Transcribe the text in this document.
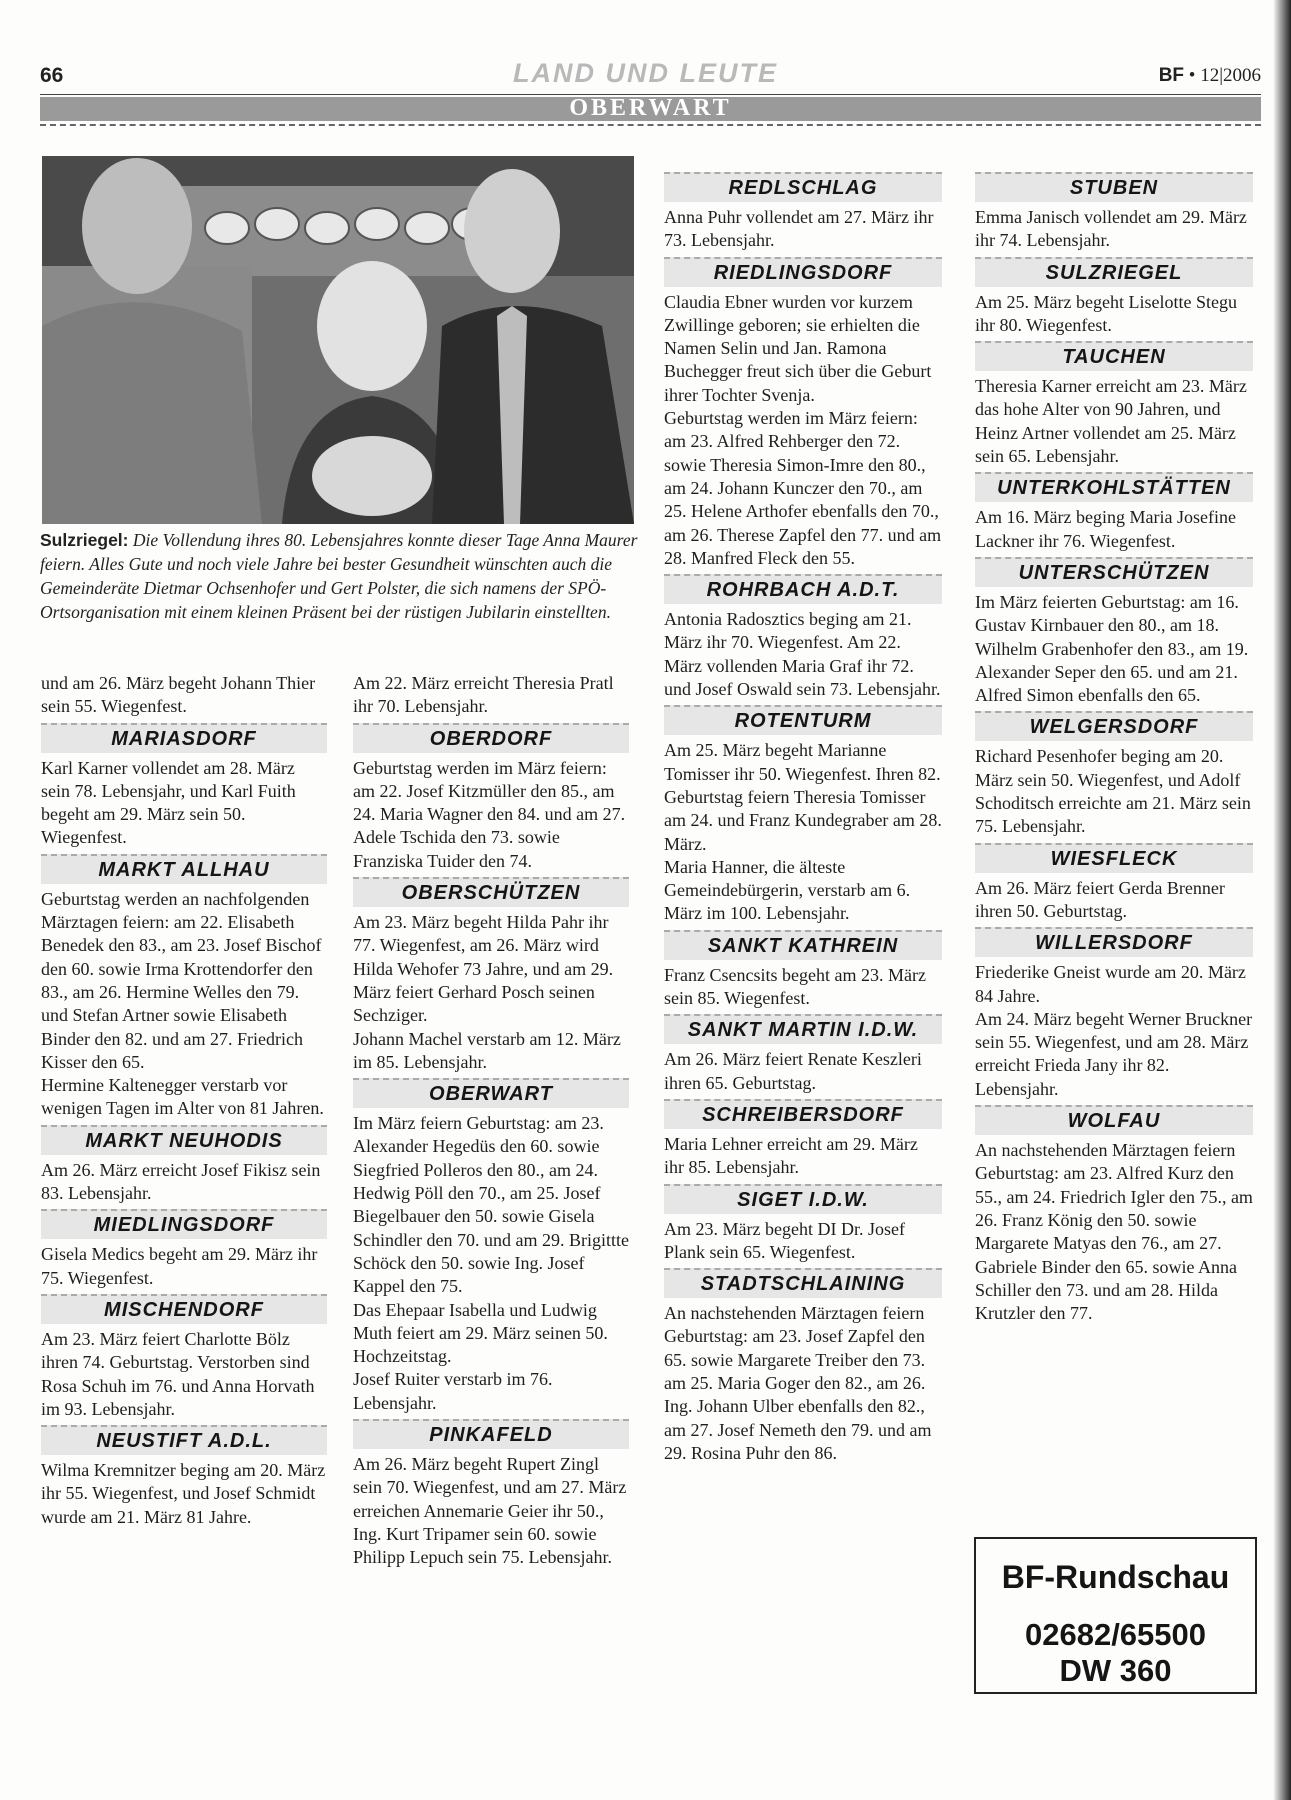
66	LAND UND LEUTE	BF • 12|2006
OBERWART
Sulzriegel: Die Vollendung ihres 80. Lebensjahres konnte dieser Tage Anna Maurer feiern. Alles Gute und noch viele Jahre bei bester Gesundheit wünschten auch die Gemeinderäte Dietmar Ochsenhofer und Gert Polster, die sich namens der SPÖ-Ortsorganisation mit einem kleinen Präsent bei der rüstigen Jubilarin einstellten.

und am 26. März begeht Johann Thier sein 55. Wiegenfest.

MARIASDORF

Karl Karner vollendet am 28. März sein 78. Lebensjahr, und Karl Fuith begeht am 29. März sein 50. Wiegenfest.

MARKT ALLHAU

Geburtstag werden an nachfolgenden Märztagen feiern: am 22. Elisabeth Benedek den 83., am 23. Josef Bischof den 60. sowie Irma Krottendorfer den 83., am 26. Hermine Welles den 79. und Stefan Artner sowie Elisabeth Binder den 82. und am 27. Friedrich Kisser den 65.

Hermine Kaltenegger verstarb vor wenigen Tagen im Alter von 81 Jahren.

MARKT NEUHODIS

Am 26. März erreicht Josef Fikisz sein 83. Lebensjahr.

MIEDLINGSDORF

Gisela Medics begeht am 29. März ihr 75. Wiegenfest.

MISCHENDORF

Am 23. März feiert Charlotte Bölz ihren 74. Geburtstag. Verstorben sind Rosa Schuh im 76. und Anna Horvath im 93. Lebensjahr.

NEUSTIFT A.D.L.

Wilma Kremnitzer beging am 20. März ihr 55. Wiegenfest, und Josef Schmidt wurde am 21. März 81 Jahre.

Am 22. März erreicht Theresia Pratl ihr 70. Lebensjahr.

OBERDORF

Geburtstag werden im März feiern: am 22. Josef Kitzmüller den 85., am 24. Maria Wagner den 84. und am 27. Adele Tschida den 73. sowie Franziska Tuider den 74.

OBERSCHÜTZEN

Am 23. März begeht Hilda Pahr ihr 77. Wiegenfest, am 26. März wird Hilda Wehofer 73 Jahre, und am 29. März feiert Gerhard Posch seinen Sechziger.

Johann Machel verstarb am 12. März im 85. Lebensjahr.

OBERWART

Im März feiern Geburtstag: am 23. Alexander Hegedüs den 60. sowie Siegfried Polleros den 80., am 24. Hedwig Pöll den 70., am 25. Josef Biegelbauer den 50. sowie Gisela Schindler den 70. und am 29. Brigittte Schöck den 50. sowie Ing. Josef Kappel den 75.

Das Ehepaar Isabella und Ludwig Muth feiert am 29. März seinen 50. Hochzeitstag.

Josef Ruiter verstarb im 76. Lebensjahr.

PINKAFELD

Am 26. März begeht Rupert Zingl sein 70. Wiegenfest, und am 27. März erreichen Annemarie Geier ihr 50., Ing. Kurt Tripamer sein 60. sowie Philipp Lepuch sein 75. Lebensjahr.

REDLSCHLAG

Anna Puhr vollendet am 27. März ihr 73. Lebensjahr.

RIEDLINGSDORF

Claudia Ebner wurden vor kurzem Zwillinge geboren; sie erhielten die Namen Selin und Jan. Ramona Buchegger freut sich über die Geburt ihrer Tochter Svenja.

Geburtstag werden im März feiern: am 23. Alfred Rehberger den 72. sowie Theresia Simon-Imre den 80., am 24. Johann Kunczer den 70., am 25. Helene Arthofer ebenfalls den 70., am 26. Therese Zapfel den 77. und am 28. Manfred Fleck den 55.

ROHRBACH A.D.T.

Antonia Radosztics beging am 21. März ihr 70. Wiegenfest. Am 22. März vollenden Maria Graf ihr 72. und Josef Oswald sein 73. Lebensjahr.

ROTENTURM

Am 25. März begeht Marianne Tomisser ihr 50. Wiegenfest. Ihren 82. Geburtstag feiern Theresia Tomisser am 24. und Franz Kundegraber am 28. März.

Maria Hanner, die älteste Gemeindebürgerin, verstarb am 6. März im 100. Lebensjahr.

SANKT KATHREIN

Franz Csencsits begeht am 23. März sein 85. Wiegenfest.

SANKT MARTIN I.D.W.

Am 26. März feiert Renate Keszleri ihren 65. Geburtstag.

SCHREIBERSDORF

Maria Lehner erreicht am 29. März ihr 85. Lebensjahr.

SIGET I.D.W.

Am 23. März begeht DI Dr. Josef Plank sein 65. Wiegenfest.

STADTSCHLAINING

An nachstehenden Märztagen feiern Geburtstag: am 23. Josef Zapfel den 65. sowie Margarete Treiber den 73. am 25. Maria Goger den 82., am 26. Ing. Johann Ulber ebenfalls den 82., am 27. Josef Nemeth den 79. und am 29. Rosina Puhr den 86.

STUBEN

Emma Janisch vollendet am 29. März ihr 74. Lebensjahr.

SULZRIEGEL

Am 25. März begeht Liselotte Stegu ihr 80. Wiegenfest.

TAUCHEN

Theresia Karner erreicht am 23. März das hohe Alter von 90 Jahren, und Heinz Artner vollendet am 25. März sein 65. Lebensjahr.

UNTERKOHLSTÄTTEN

Am 16. März beging Maria Josefine Lackner ihr 76. Wiegenfest.

UNTERSCHÜTZEN

Im März feierten Geburtstag: am 16. Gustav Kirnbauer den 80., am 18. Wilhelm Grabenhofer den 83., am 19. Alexander Seper den 65. und am 21. Alfred Simon ebenfalls den 65.

WELGERSDORF

Richard Pesenhofer beging am 20. März sein 50. Wiegenfest, und Adolf Schoditsch erreichte am 21. März sein 75. Lebensjahr.

WIESFLECK

Am 26. März feiert Gerda Brenner ihren 50. Geburtstag.

WILLERSDORF

Friederike Gneist wurde am 20. März 84 Jahre.

Am 24. März begeht Werner Bruckner sein 55. Wiegenfest, und am 28. März erreicht Frieda Jany ihr 82. Lebensjahr.

WOLFAU

An nachstehenden Märztagen feiern Geburtstag: am 23. Alfred Kurz den 55., am 24. Friedrich Igler den 75., am 26. Franz König den 50. sowie Margarete Matyas den 76., am 27. Gabriele Binder den 65. sowie Anna Schiller den 73. und am 28. Hilda Krutzler den 77.

BF-Rundschau
02682/65500
DW 360
